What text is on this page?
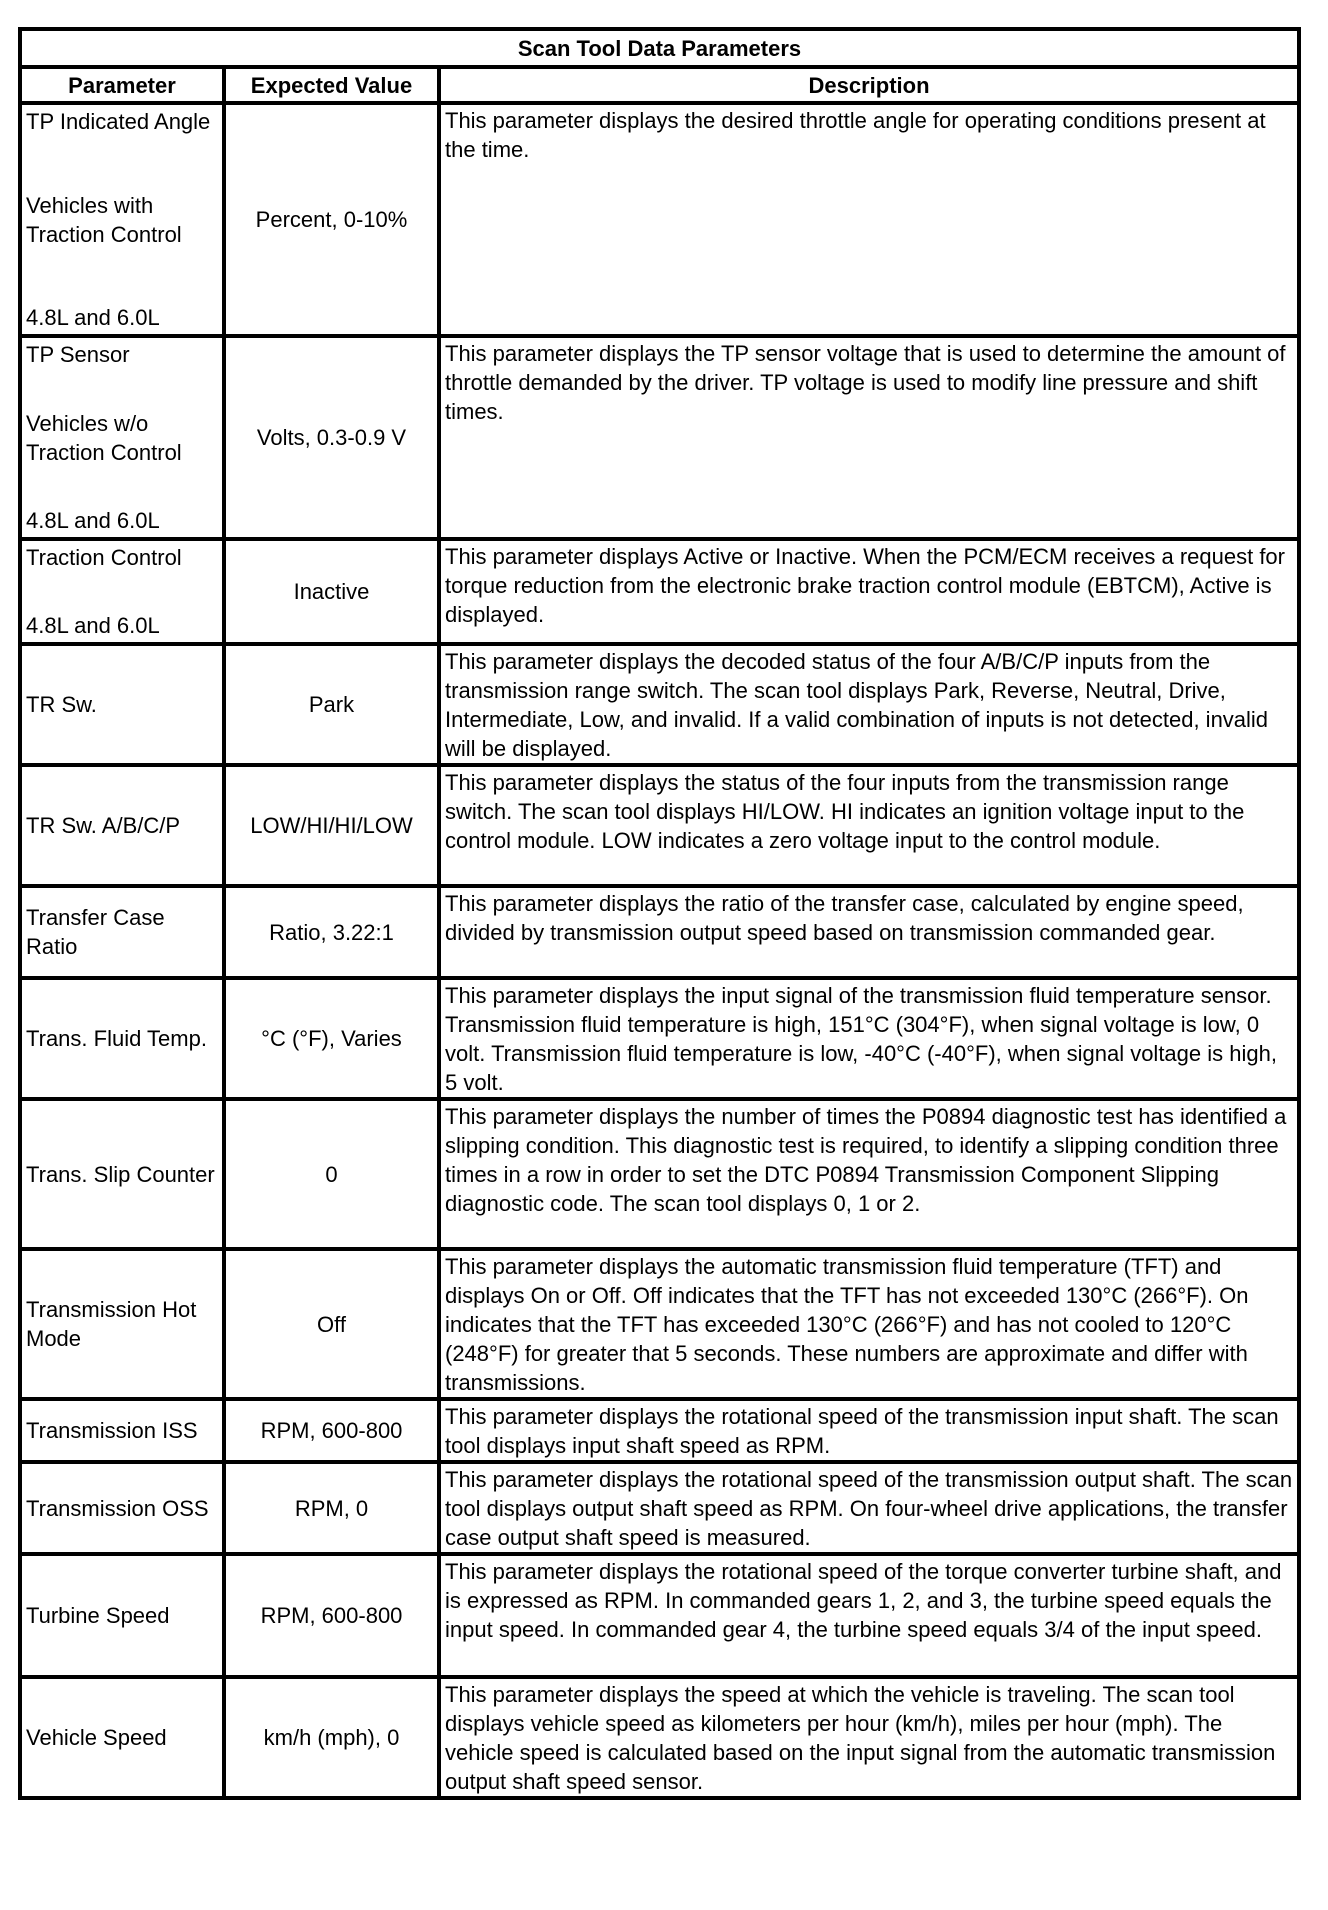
Scan Tool Data Parameters		
Parameter	Expected Value	Description

TP Indicated Angle
Vehicles with Traction Control
4.8L and 6.0L	Percent, 0-10%	This parameter displays the desired throttle angle for operating conditions present at the time.

TP Sensor
Vehicles w/o Traction Control
4.8L and 6.0L	Volts, 0.3-0.9 V	This parameter displays the TP sensor voltage that is used to determine the amount of throttle demanded by the driver. TP voltage is used to modify line pressure and shift times.

Traction Control
4.8L and 6.0L	Inactive	This parameter displays Active or Inactive. When the PCM/ECM receives a request for torque reduction from the electronic brake traction control module (EBTCM), Active is displayed.

TR Sw.	Park	This parameter displays the decoded status of the four A/B/C/P inputs from the transmission range switch. The scan tool displays Park, Reverse, Neutral, Drive, Intermediate, Low, and invalid. If a valid combination of inputs is not detected, invalid will be displayed.

TR Sw. A/B/C/P	LOW/HI/HI/LOW	This parameter displays the status of the four inputs from the transmission range switch. The scan tool displays HI/LOW. HI indicates an ignition voltage input to the control module. LOW indicates a zero voltage input to the control module.

Transfer Case Ratio	Ratio, 3.22:1	This parameter displays the ratio of the transfer case, calculated by engine speed, divided by transmission output speed based on transmission commanded gear.

Trans. Fluid Temp.	°C (°F), Varies	This parameter displays the input signal of the transmission fluid temperature sensor. Transmission fluid temperature is high, 151°C (304°F), when signal voltage is low, 0 volt. Transmission fluid temperature is low, -40°C (-40°F), when signal voltage is high, 5 volt.

Trans. Slip Counter	0	This parameter displays the number of times the P0894 diagnostic test has identified a slipping condition. This diagnostic test is required, to identify a slipping condition three times in a row in order to set the DTC P0894 Transmission Component Slipping diagnostic code. The scan tool displays 0, 1 or 2.

Transmission Hot Mode	Off	This parameter displays the automatic transmission fluid temperature (TFT) and displays On or Off. Off indicates that the TFT has not exceeded 130°C (266°F). On indicates that the TFT has exceeded 130°C (266°F) and has not cooled to 120°C (248°F) for greater that 5 seconds. These numbers are approximate and differ with transmissions.

Transmission ISS	RPM, 600-800	This parameter displays the rotational speed of the transmission input shaft. The scan tool displays input shaft speed as RPM.

Transmission OSS	RPM, 0	This parameter displays the rotational speed of the transmission output shaft. The scan tool displays output shaft speed as RPM. On four-wheel drive applications, the transfer case output shaft speed is measured.

Turbine Speed	RPM, 600-800	This parameter displays the rotational speed of the torque converter turbine shaft, and is expressed as RPM. In commanded gears 1, 2, and 3, the turbine speed equals the input speed. In commanded gear 4, the turbine speed equals 3/4 of the input speed.

Vehicle Speed	km/h (mph), 0	This parameter displays the speed at which the vehicle is traveling. The scan tool displays vehicle speed as kilometers per hour (km/h), miles per hour (mph). The vehicle speed is calculated based on the input signal from the automatic transmission output shaft speed sensor.
